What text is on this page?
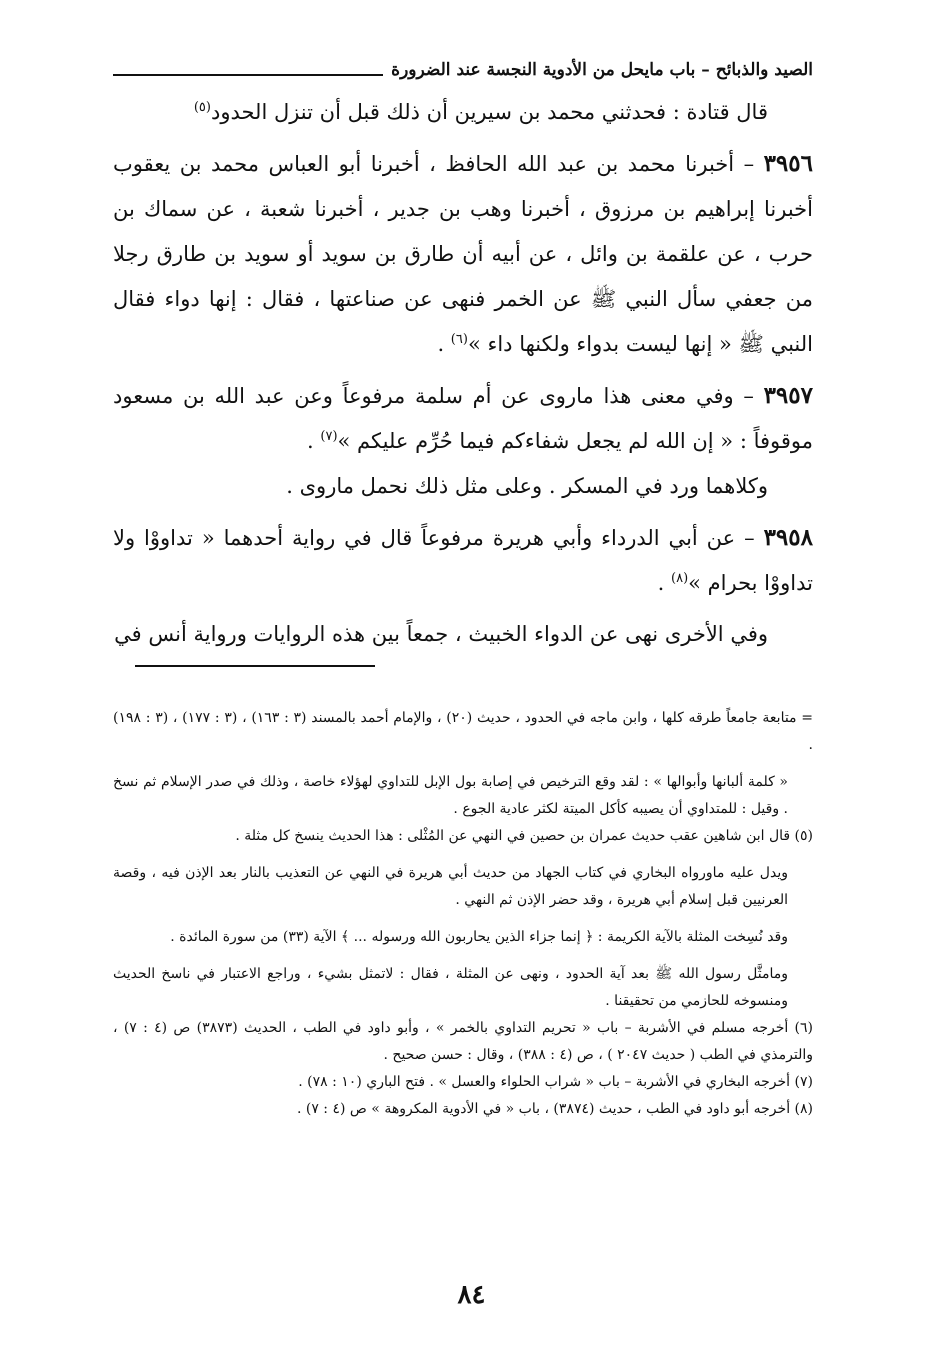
الصيد والذبائح – باب مايحل من الأدوية النجسة عند الضرورة

قال قتادة : فحدثني محمد بن سيرين أن ذلك قبل أن تنزل الحدود$^{(٥)}$

٣٩٥٦ – أخبرنا محمد بن عبد الله الحافظ ، أخبرنا أبو العباس محمد بن يعقوب أخبرنا إبراهيم بن مرزوق ، أخبرنا وهب بن جدير ، أخبرنا شعبة ، عن سماك بن حرب ، عن علقمة بن وائل ، عن أبيه أن طارق بن سويد أو سويد بن طارق رجلا من جعفي سأل النبي ﷺ عن الخمر فنهى عن صناعتها ، فقال : إنها دواء فقال النبي ﷺ « إنها ليست بدواء ولكنها داء »$^{(٦)}$ .

٣٩٥٧ – وفي معنى هذا ماروى عن أم سلمة مرفوعاً وعن عبد الله بن مسعود موقوفاً : « إن الله لم يجعل شفاءكم فيما حُرِّم عليكم »$^{(٧)}$ .

وكلاهما ورد في المسكر . وعلى مثل ذلك نحمل ماروى .

٣٩٥٨ – عن أبي الدرداء وأبي هريرة مرفوعاً قال في رواية أحدهما « تداووْا ولا تداووْا بحرام »$^{(٨)}$ .

وفي الأخرى نهى عن الدواء الخبيث ، جمعاً بين هذه الروايات ورواية أنس في

= متابعة جامعاً طرقه كلها ، وابن ماجه في الحدود ، حديث (٢٠) ، والإمام أحمد بالمسند (٣ : ١٦٣) ، (٣ : ١٧٧) ، (٣ : ١٩٨) .

« كلمة ألبانها وأبوالها » : لقد وقع الترخيص في إصابة بول الإبل للتداوي لهؤلاء خاصة ، وذلك في صدر الإسلام ثم نسخ . وقيل : للمتداوي أن يصيبه كأكل الميتة لكثر عادية الجوع .

(٥) قال ابن شاهين عقب حديث عمران بن حصين في النهي عن المُثْلى : هذا الحديث ينسخ كل مثلة .

ويدل عليه ماورواه البخاري في كتاب الجهاد من حديث أبي هريرة في النهي عن التعذيب بالنار بعد الإذن فيه ، وقصة العرنيين قبل إسلام أبي هريرة ، وقد حضر الإذن ثم النهي .

وقد نُسِخت المثلة بالآية الكريمة : ﴿ إنما جزاء الذين يحاربون الله ورسوله ... ﴾ الآية (٣٣) من سورة المائدة .

ومامثَّل رسول الله ﷺ بعد آية الحدود ، ونهى عن المثلة ، فقال : لاتمثل بشيء ، وراجع الاعتبار في ناسخ الحديث ومنسوخه للحازمي من تحقيقنا .

(٦) أخرجه مسلم في الأشربة – باب « تحريم التداوي بالخمر » ، وأبو داود في الطب ، الحديث (٣٨٧٣) ص (٤ : ٧) ، والترمذي في الطب ( حديث ٢٠٤٧ ) ، ص (٤ : ٣٨٨) ، وقال : حسن صحيح .

(٧) أخرجه البخاري في الأشربة – باب « شراب الحلواء والعسل » . فتح الباري (١٠ : ٧٨) .

(٨) أخرجه أبو داود في الطب ، حديث (٣٨٧٤) ، باب « في الأدوية المكروهة » ص (٤ : ٧) .

٨٤
